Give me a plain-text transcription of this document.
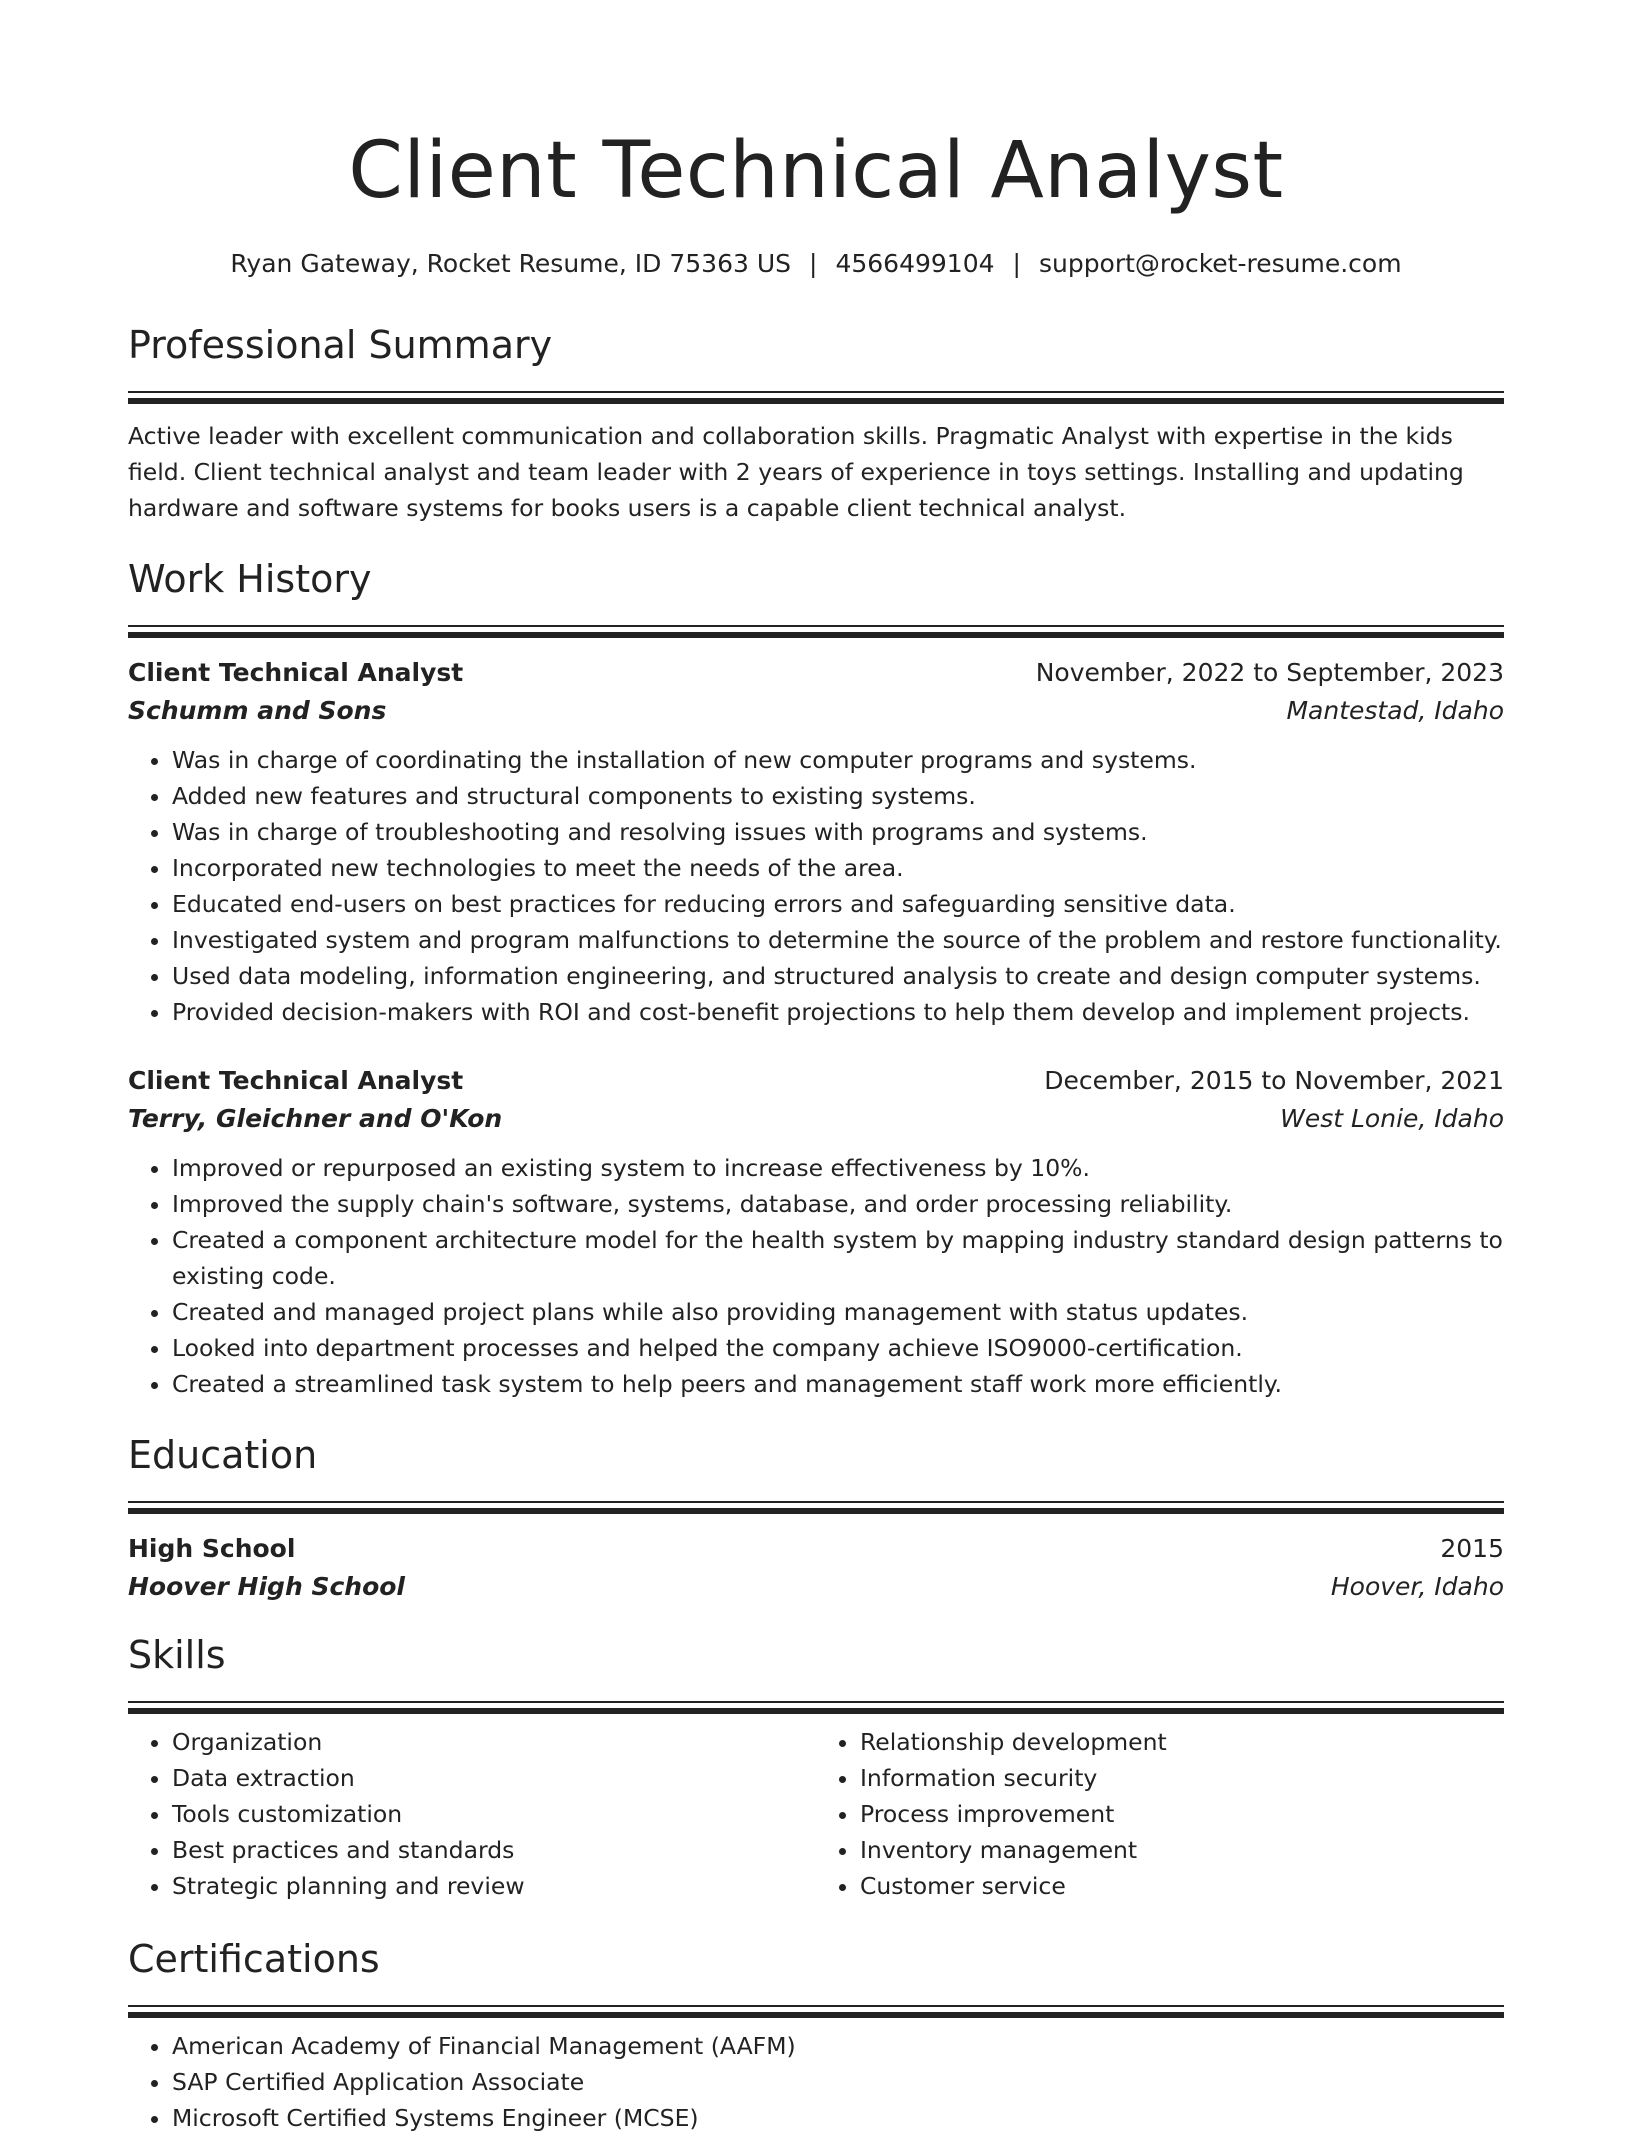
Client Technical Analyst
Ryan Gateway, Rocket Resume, ID 75363 US | 4566499104 | support@rocket-resume.com
Professional Summary
Active leader with excellent communication and collaboration skills. Pragmatic Analyst with expertise in the kids field. Client technical analyst and team leader with 2 years of experience in toys settings. Installing and updating hardware and software systems for books users is a capable client technical analyst.
Work History
Client Technical Analyst	November, 2022 to September, 2023
Schumm and Sons	Mantestad, Idaho
• Was in charge of coordinating the installation of new computer programs and systems.
• Added new features and structural components to existing systems.
• Was in charge of troubleshooting and resolving issues with programs and systems.
• Incorporated new technologies to meet the needs of the area.
• Educated end-users on best practices for reducing errors and safeguarding sensitive data.
• Investigated system and program malfunctions to determine the source of the problem and restore functionality.
• Used data modeling, information engineering, and structured analysis to create and design computer systems.
• Provided decision-makers with ROI and cost-benefit projections to help them develop and implement projects.
Client Technical Analyst	December, 2015 to November, 2021
Terry, Gleichner and O'Kon	West Lonie, Idaho
• Improved or repurposed an existing system to increase effectiveness by 10%.
• Improved the supply chain's software, systems, database, and order processing reliability.
• Created a component architecture model for the health system by mapping industry standard design patterns to existing code.
• Created and managed project plans while also providing management with status updates.
• Looked into department processes and helped the company achieve ISO9000-certification.
• Created a streamlined task system to help peers and management staff work more efficiently.
Education
High School	2015
Hoover High School	Hoover, Idaho
Skills
• Organization
• Data extraction
• Tools customization
• Best practices and standards
• Strategic planning and review
• Relationship development
• Information security
• Process improvement
• Inventory management
• Customer service
Certifications
• American Academy of Financial Management (AAFM)
• SAP Certified Application Associate
• Microsoft Certified Systems Engineer (MCSE)
